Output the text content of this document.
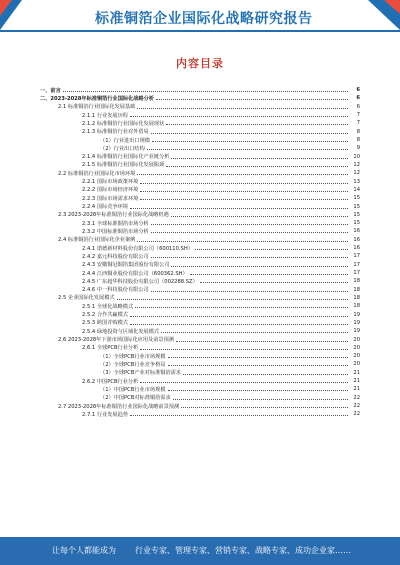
标准铜箔企业国际化战略研究报告
内容目录
一、前言	6
二、2023-2028年标准铜箔行业国际化战略分析	6
2.1 标准铜箔行业国际化发展基础	6
2.1.1 行业发展历程	7
2.1.2 标准铜箔行业国际化发展现状	7
2.1.3 标准铜箔行业对外贸易	8
（1）行业进出口规模	8
（2）行业出口结构	9
2.1.4 标准铜箔行业国际化产业链分析	10
2.1.5 标准铜箔行业国际化发展瓶颈	12
2.2 标准铜箔行业国际化市场环境	12
2.2.1 国际市场政策环境	13
2.2.2 国际市场经济环境	14
2.2.3 国际市场需求环境	15
2.2.4 国际竞争环境	15
2.3 2023-2028年标准铜箔行业国际化战略机遇	15
2.3.1 全球标准铜箔市场分析	15
2.3.2 中国标准铜箔市场分析	16
2.4 标准铜箔行业国际化企业案例	16
2.4.1 诺德新材料股份有限公司（600110.SH）	16
2.4.2 嘉元科技股份有限公司	17
2.4.3 安徽铜冠铜箔集团股份有限公司	17
2.4.4 江西铜业股份有限公司（600362.SH）	17
2.4.5 广东超华科技股份有限公司（002288.SZ）	18
2.4.6 中一科技股份有限公司	18
2.5 企业国际化发展模式	18
2.5.1 全球化战略模式	18
2.5.2 合作共赢模式	19
2.5.3 跨国并购模式	19
2.5.4 绿地投资与区域化发展模式	19
2.6 2023-2028年下游市场国际化应用及前景预测	20
2.6.1 全球PCB行业分析	20
（1）全球PCB行业市场规模	20
（2）全球PCB行业竞争格局	20
（3）全球PCB产业对标准铜箔需求	21
2.6.2 中国PCB行业分析	21
（1）中国PCB行业市场规模	21
（2）中国PCB对标准铜箔需求	22
2.7 2023-2028年标准铜箔行业国际化战略前景预测	22
2.7.1 行业发展趋势	22
让每个人都能成为 行业专家、管理专家、营销专家、战略专家、成功企业家……
